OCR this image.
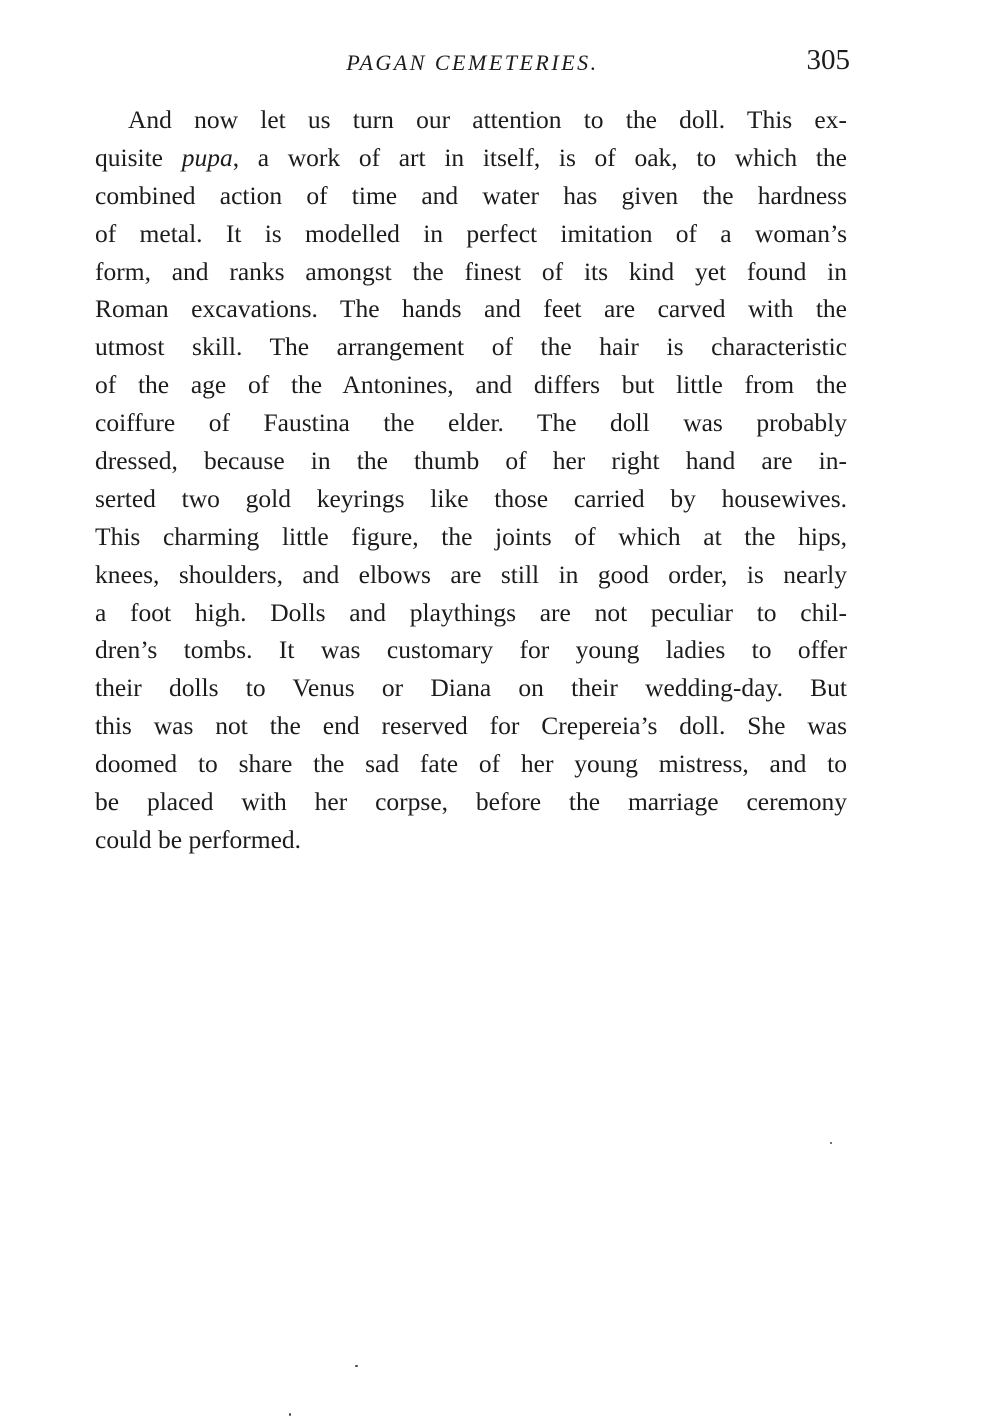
PAGAN CEMETERIES.	305
And now let us turn our attention to the doll. This ex-
quisite pupa, a work of art in itself, is of oak, to which the
combined action of time and water has given the hardness
of metal. It is modelled in perfect imitation of a woman’s
form, and ranks amongst the finest of its kind yet found in
Roman excavations. The hands and feet are carved with the
utmost skill. The arrangement of the hair is characteristic
of the age of the Antonines, and differs but little from the
coiffure of Faustina the elder. The doll was probably
dressed, because in the thumb of her right hand are in-
serted two gold keyrings like those carried by housewives.
This charming little figure, the joints of which at the hips,
knees, shoulders, and elbows are still in good order, is nearly
a foot high. Dolls and playthings are not peculiar to chil-
dren’s tombs. It was customary for young ladies to offer
their dolls to Venus or Diana on their wedding-day. But
this was not the end reserved for Crepereia’s doll. She was
doomed to share the sad fate of her young mistress, and to
be placed with her corpse, before the marriage ceremony
could be performed.
